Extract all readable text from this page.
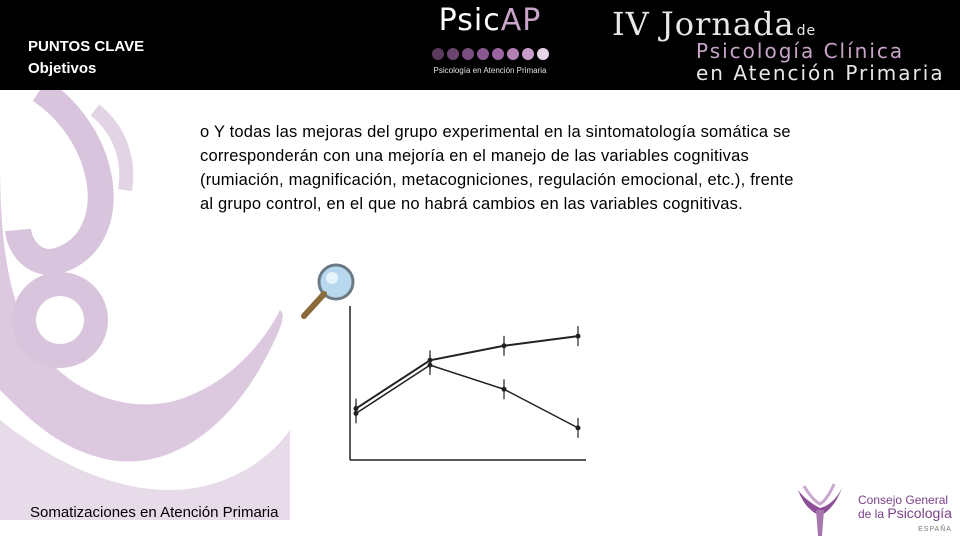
PUNTOS CLAVE
Objetivos
PsicAP
Psicología en Atención Primaria
IV Jornada de
Psicología Clínica
en Atención Primaria
o Y todas las mejoras del grupo experimental en la sintomatología somática se corresponderán con una mejoría en el manejo de las variables cognitivas (rumiación, magnificación, metacogniciones, regulación emocional, etc.), frente al grupo control, en el que no habrá cambios en las variables cognitivas.
Somatizaciones en Atención Primaria
Consejo General
de la Psicología
ESPAÑA
